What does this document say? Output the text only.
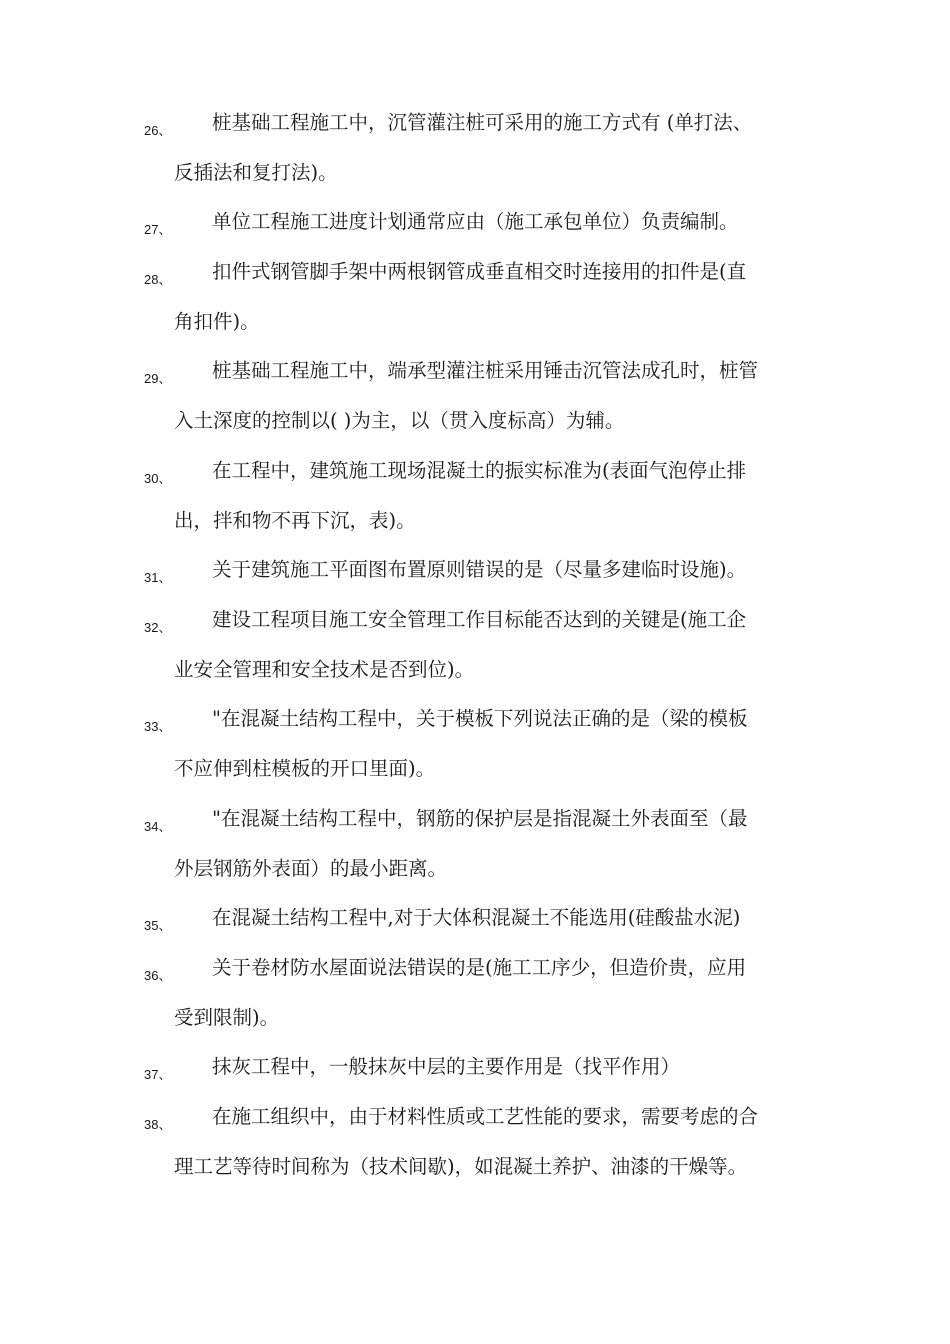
26、 桩基础工程施工中，沉管灌注桩可采用的施工方式有 (单打法、
反插法和复打法)。
27、 单位工程施工进度计划通常应由（施工承包单位）负责编制。
28、 扣件式钢管脚手架中两根钢管成垂直相交时连接用的扣件是(直
角扣件)。
29、 桩基础工程施工中，端承型灌注桩采用锤击沉管法成孔时，桩管
入土深度的控制以( )为主，以（贯入度标高）为辅。
30、 在工程中，建筑施工现场混凝土的振实标准为(表面气泡停止排
出，拌和物不再下沉，表)。
31、 关于建筑施工平面图布置原则错误的是（尽量多建临时设施)。
32、 建设工程项目施工安全管理工作目标能否达到的关键是(施工企
业安全管理和安全技术是否到位)。
33、 "在混凝土结构工程中，关于模板下列说法正确的是（梁的模板
不应伸到柱模板的开口里面)。
34、 "在混凝土结构工程中，钢筋的保护层是指混凝土外表面至（最
外层钢筋外表面）的最小距离。
35、 在混凝土结构工程中,对于大体积混凝土不能选用(硅酸盐水泥)
36、 关于卷材防水屋面说法错误的是(施工工序少，但造价贵，应用
受到限制)。
37、 抹灰工程中，一般抹灰中层的主要作用是（找平作用）
38、 在施工组织中，由于材料性质或工艺性能的要求，需要考虑的合
理工艺等待时间称为（技术间歇)，如混凝土养护、油漆的干燥等。
